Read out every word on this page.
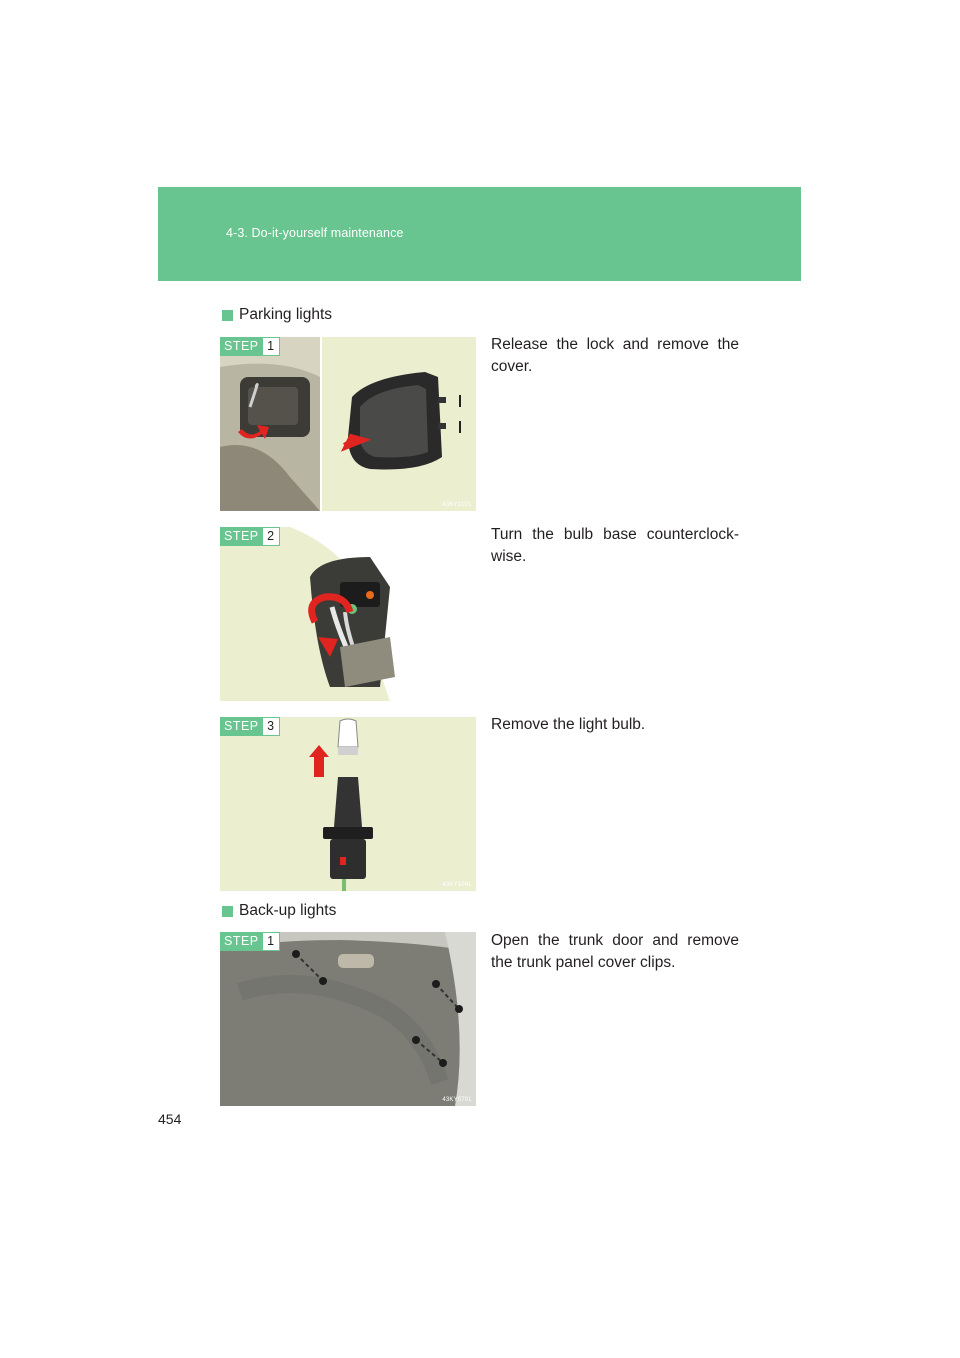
4-3. Do-it-yourself maintenance
Parking lights
STEP 1
43KY102L
Release the lock and remove the cover.
STEP 2
43KY156L
Turn the bulb base counterclock-wise.
STEP 3
43KY104L
Remove the light bulb.
Back-up lights
STEP 1
43KY070L
Open the trunk door and remove the trunk panel cover clips.
454
